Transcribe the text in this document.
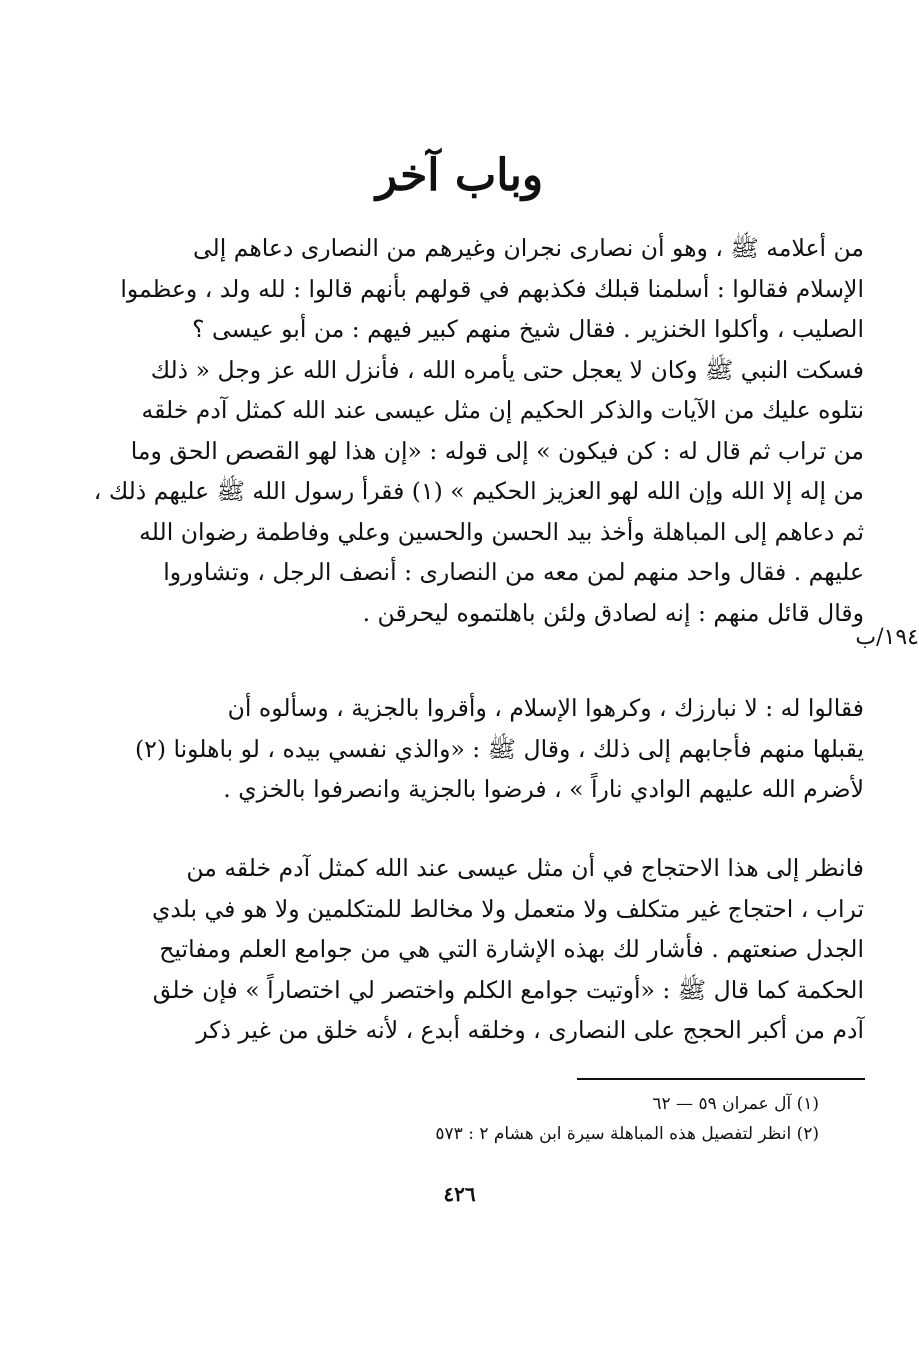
وباب آخر
من أعلامه ﷺ ، وهو أن نصارى نجران وغيرهم من النصارى دعاهم إلى
الإسلام فقالوا : أسلمنا قبلك فكذبهم في قولهم بأنهم قالوا : لله ولد ، وعظموا
الصليب ، وأكلوا الخنزير . فقال شيخ منهم كبير فيهم : من أبو عيسى ؟
فسكت النبي ﷺ وكان لا يعجل حتى يأمره الله ، فأنزل الله عز وجل « ذلك
نتلوه عليك من الآيات والذكر الحكيم إن مثل عيسى عند الله كمثل آدم خلقه
من تراب ثم قال له : كن فيكون » إلى قوله : «إن هذا لهو القصص الحق وما
من إله إلا الله وإن الله لهو العزيز الحكيم » (١) فقرأ رسول الله ﷺ عليهم ذلك ،
ثم دعاهم إلى المباهلة وأخذ بيد الحسن والحسين وعلي وفاطمة رضوان الله
عليهم . فقال واحد منهم لمن معه من النصارى : أنصف الرجل ، وتشاوروا
وقال قائل منهم : إنه لصادق ولئن باهلتموه ليحرقن .
١٩٤/ب
فقالوا له : لا نبارزك ، وكرهوا الإسلام ، وأقروا بالجزية ، وسألوه أن
يقبلها منهم فأجابهم إلى ذلك ، وقال ﷺ : «والذي نفسي بيده ، لو باهلونا (٢)
لأضرم الله عليهم الوادي ناراً » ، فرضوا بالجزية وانصرفوا بالخزي .
فانظر إلى هذا الاحتجاج في أن مثل عيسى عند الله كمثل آدم خلقه من
تراب ، احتجاج غير متكلف ولا متعمل ولا مخالط للمتكلمين ولا هو في بلدي
الجدل صنعتهم . فأشار لك بهذه الإشارة التي هي من جوامع العلم ومفاتيح
الحكمة كما قال ﷺ : «أوتيت جوامع الكلم واختصر لي اختصاراً » فإن خلق
آدم من أكبر الحجج على النصارى ، وخلقه أبدع ، لأنه خلق من غير ذكر
(١) آل عمران ٥٩ — ٦٢
(٢) انظر لتفصيل هذه المباهلة سيرة ابن هشام ٢ : ٥٧٣
٤٢٦
